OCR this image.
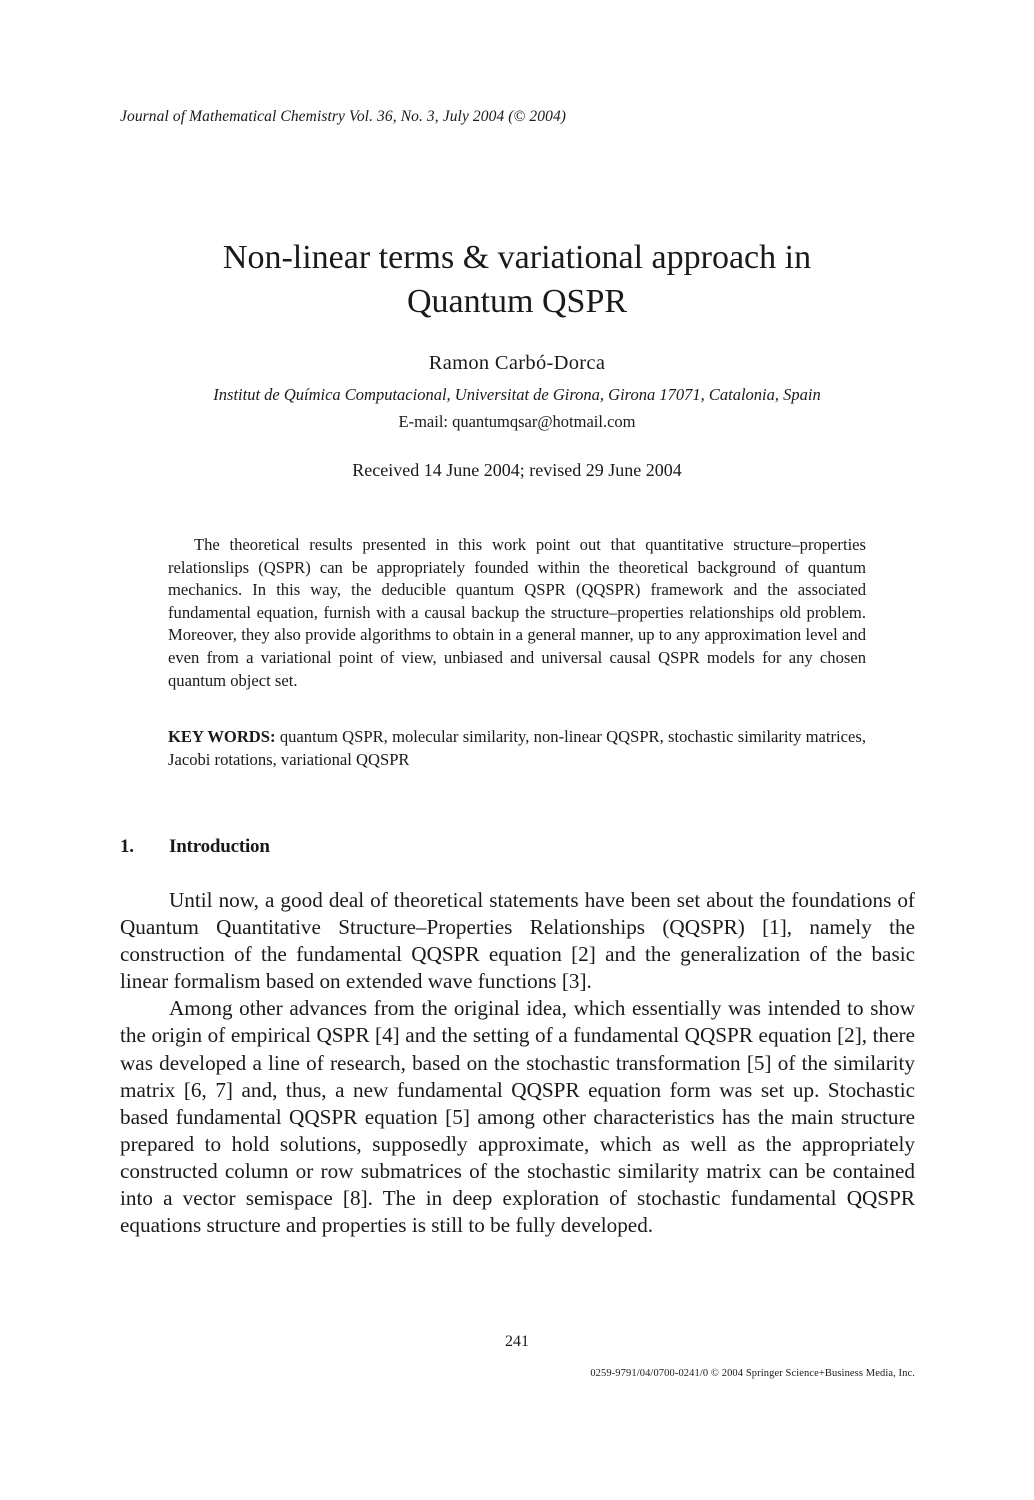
Journal of Mathematical Chemistry Vol. 36, No. 3, July 2004 (© 2004)
Non-linear terms & variational approach in
Quantum QSPR
Ramon Carbó-Dorca
Institut de Química Computacional, Universitat de Girona, Girona 17071, Catalonia, Spain
E-mail: quantumqsar@hotmail.com
Received 14 June 2004; revised 29 June 2004

The theoretical results presented in this work point out that quantitative structure–properties relationslips (QSPR) can be appropriately founded within the theoretical background of quantum mechanics. In this way, the deducible quantum QSPR (QQSPR) framework and the associated fundamental equation, furnish with a causal backup the structure–properties relationships old problem. Moreover, they also provide algorithms to obtain in a general manner, up to any approximation level and even from a variational point of view, unbiased and universal causal QSPR models for any chosen quantum object set.

KEY WORDS: quantum QSPR, molecular similarity, non-linear QQSPR, stochastic similarity matrices, Jacobi rotations, variational QQSPR
1. Introduction

Until now, a good deal of theoretical statements have been set about the foundations of Quantum Quantitative Structure–Properties Relationships (QQSPR) [1], namely the construction of the fundamental QQSPR equation [2] and the generalization of the basic linear formalism based on extended wave functions [3].

Among other advances from the original idea, which essentially was intended to show the origin of empirical QSPR [4] and the setting of a fundamental QQSPR equation [2], there was developed a line of research, based on the stochastic transformation [5] of the similarity matrix [6, 7] and, thus, a new fundamental QQSPR equation form was set up. Stochastic based fundamental QQSPR equation [5] among other characteristics has the main structure prepared to hold solutions, supposedly approximate, which as well as the appropriately constructed column or row submatrices of the stochastic similarity matrix can be contained into a vector semispace [8]. The in deep exploration of stochastic fundamental QQSPR equations structure and properties is still to be fully developed.

241
0259-9791/04/0700-0241/0 © 2004 Springer Science+Business Media, Inc.
